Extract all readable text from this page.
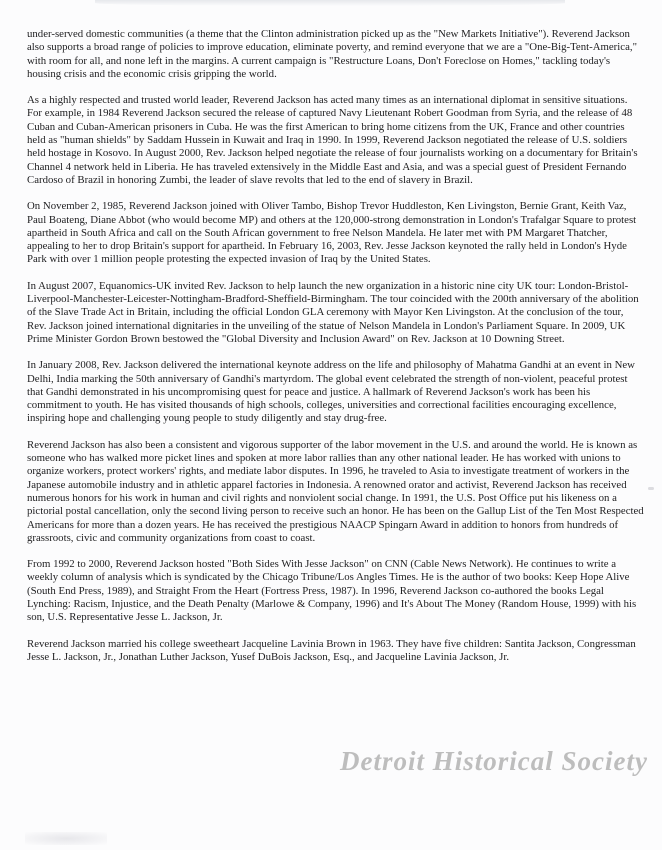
under-served domestic communities (a theme that the Clinton administration picked up as the "New Markets Initiative"). Reverend Jackson also supports a broad range of policies to improve education, eliminate poverty, and remind everyone that we are a "One-Big-Tent-America," with room for all, and none left in the margins. A current campaign is "Restructure Loans, Don't Foreclose on Homes," tackling today's housing crisis and the economic crisis gripping the world.

As a highly respected and trusted world leader, Reverend Jackson has acted many times as an international diplomat in sensitive situations. For example, in 1984 Reverend Jackson secured the release of captured Navy Lieutenant Robert Goodman from Syria, and the release of 48 Cuban and Cuban-American prisoners in Cuba. He was the first American to bring home citizens from the UK, France and other countries held as "human shields" by Saddam Hussein in Kuwait and Iraq in 1990. In 1999, Reverend Jackson negotiated the release of U.S. soldiers held hostage in Kosovo. In August 2000, Rev. Jackson helped negotiate the release of four journalists working on a documentary for Britain's Channel 4 network held in Liberia. He has traveled extensively in the Middle East and Asia, and was a special guest of President Fernando Cardoso of Brazil in honoring Zumbi, the leader of slave revolts that led to the end of slavery in Brazil.

On November 2, 1985, Reverend Jackson joined with Oliver Tambo, Bishop Trevor Huddleston, Ken Livingston, Bernie Grant, Keith Vaz, Paul Boateng, Diane Abbot (who would become MP) and others at the 120,000-strong demonstration in London's Trafalgar Square to protest apartheid in South Africa and call on the South African government to free Nelson Mandela. He later met with PM Margaret Thatcher, appealing to her to drop Britain's support for apartheid. In February 16, 2003, Rev. Jesse Jackson keynoted the rally held in London's Hyde Park with over 1 million people protesting the expected invasion of Iraq by the United States.

In August 2007, Equanomics-UK invited Rev. Jackson to help launch the new organization in a historic nine city UK tour: London-Bristol-Liverpool-Manchester-Leicester-Nottingham-Bradford-Sheffield-Birmingham. The tour coincided with the 200th anniversary of the abolition of the Slave Trade Act in Britain, including the official London GLA ceremony with Mayor Ken Livingston. At the conclusion of the tour, Rev. Jackson joined international dignitaries in the unveiling of the statue of Nelson Mandela in London's Parliament Square. In 2009, UK Prime Minister Gordon Brown bestowed the "Global Diversity and Inclusion Award" on Rev. Jackson at 10 Downing Street.

In January 2008, Rev. Jackson delivered the international keynote address on the life and philosophy of Mahatma Gandhi at an event in New Delhi, India marking the 50th anniversary of Gandhi's martyrdom. The global event celebrated the strength of non-violent, peaceful protest that Gandhi demonstrated in his uncompromising quest for peace and justice. A hallmark of Reverend Jackson's work has been his commitment to youth. He has visited thousands of high schools, colleges, universities and correctional facilities encouraging excellence, inspiring hope and challenging young people to study diligently and stay drug-free.

Reverend Jackson has also been a consistent and vigorous supporter of the labor movement in the U.S. and around the world. He is known as someone who has walked more picket lines and spoken at more labor rallies than any other national leader. He has worked with unions to organize workers, protect workers' rights, and mediate labor disputes. In 1996, he traveled to Asia to investigate treatment of workers in the Japanese automobile industry and in athletic apparel factories in Indonesia. A renowned orator and activist, Reverend Jackson has received numerous honors for his work in human and civil rights and nonviolent social change. In 1991, the U.S. Post Office put his likeness on a pictorial postal cancellation, only the second living person to receive such an honor. He has been on the Gallup List of the Ten Most Respected Americans for more than a dozen years. He has received the prestigious NAACP Spingarn Award in addition to honors from hundreds of grassroots, civic and community organizations from coast to coast.

From 1992 to 2000, Reverend Jackson hosted "Both Sides With Jesse Jackson" on CNN (Cable News Network). He continues to write a weekly column of analysis which is syndicated by the Chicago Tribune/Los Angles Times. He is the author of two books: Keep Hope Alive (South End Press, 1989), and Straight From the Heart (Fortress Press, 1987). In 1996, Reverend Jackson co-authored the books Legal Lynching: Racism, Injustice, and the Death Penalty (Marlowe & Company, 1996) and It's About The Money (Random House, 1999) with his son, U.S. Representative Jesse L. Jackson, Jr.

Reverend Jackson married his college sweetheart Jacqueline Lavinia Brown in 1963. They have five children: Santita Jackson, Congressman Jesse L. Jackson, Jr., Jonathan Luther Jackson, Yusef DuBois Jackson, Esq., and Jacqueline Lavinia Jackson, Jr.

Detroit Historical Society
